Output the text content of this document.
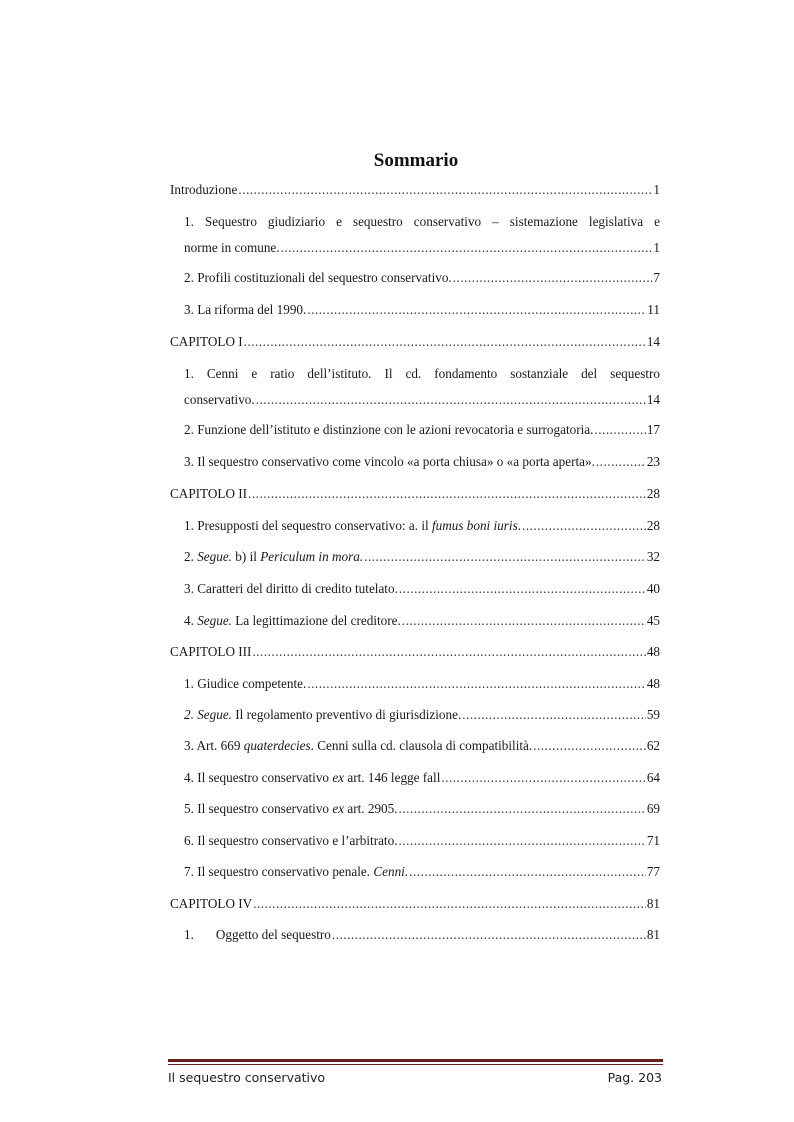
Sommario
Introduzione .....	1
1. Sequestro giudiziario e sequestro conservativo – sistemazione legislativa e
norme in comune. .....	1
2. Profili costituzionali del sequestro conservativo. .....	7
3. La riforma del 1990. .....	11
CAPITOLO I .....	14
1. Cenni e ratio dell’istituto. Il cd. fondamento sostanziale del sequestro
conservativo. .....	14
2. Funzione dell’istituto e distinzione con le azioni revocatoria e surrogatoria. .....	17
3. Il sequestro conservativo come vincolo «a porta chiusa» o «a porta aperta». .....	23
CAPITOLO II .....	28
1. Presupposti del sequestro conservativo: a. il fumus boni iuris. .....	28
2. Segue. b) il Periculum in mora. .....	32
3. Caratteri del diritto di credito tutelato. .....	40
4. Segue. La legittimazione del creditore. .....	45
CAPITOLO III .....	48
1. Giudice competente. .....	48
2. Segue. Il regolamento preventivo di giurisdizione. .....	59
3. Art. 669 quaterdecies. Cenni sulla cd. clausola di compatibilità. .....	62
4. Il sequestro conservativo ex art. 146 legge fall .....	64
5. Il sequestro conservativo ex art. 2905. .....	69
6. Il sequestro conservativo e l’arbitrato. .....	71
7. Il sequestro conservativo penale. Cenni. .....	77
CAPITOLO IV .....	81
1. Oggetto del sequestro .....	81
Il sequestro conservativo	Pag. 203
